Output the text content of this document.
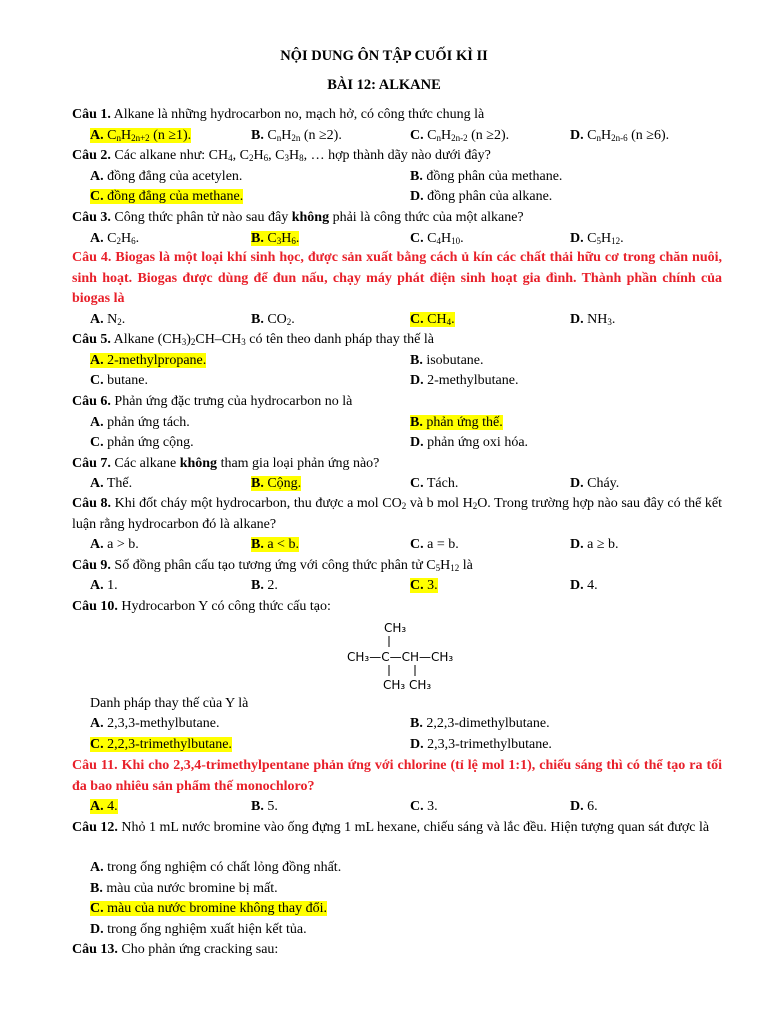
NỘI DUNG ÔN TẬP CUỐI KÌ II
BÀI 12: ALKANE

Câu 1. Alkane là những hydrocarbon no, mạch hở, có công thức chung là

A. $C_nH_{2n+2}$ (n ≥1).	B. $C_nH_{2n}$ (n ≥2).	C. $C_nH_{2n-2}$ (n ≥2).	D. $C_nH_{2n-6}$ (n ≥6).

Câu 2. Các alkane như: $CH_4$, $C_2H_6$, $C_3H_8$, … hợp thành dãy nào dưới đây?

A. đồng đẳng của acetylen.	B. đồng phân của methane.
C. đồng đẳng của methane.	D. đồng phân của alkane.

Câu 3. Công thức phân tử nào sau đây không phải là công thức của một alkane?

A. $C_2H_6$.	B. $C_3H_6$.	C. $C_4H_{10}$.	D. $C_5H_{12}$.

Câu 4. Biogas là một loại khí sinh học, được sản xuất bằng cách ủ kín các chất thải hữu cơ trong chăn nuôi, sinh hoạt. Biogas được dùng để đun nấu, chạy máy phát điện sinh hoạt gia đình. Thành phần chính của biogas là

A. $N_2$.	B. $CO_2$.	C. $CH_4$.	D. $NH_3$.

Câu 5. Alkane $(CH_3)_2CH-CH_3$ có tên theo danh pháp thay thế là

A. 2-methylpropane.	B. isobutane.
C. butane.	D. 2-methylbutane.

Câu 6. Phản ứng đặc trưng của hydrocarbon no là

A. phản ứng tách.	B. phản ứng thế.
C. phản ứng cộng.	D. phản ứng oxi hóa.

Câu 7. Các alkane không tham gia loại phản ứng nào?

A. Thế.	B. Cộng.	C. Tách.	D. Cháy.

Câu 8. Khi đốt cháy một hydrocarbon, thu được a mol $CO_2$ và b mol $H_2O$. Trong trường hợp nào sau đây có thể kết luận rằng hydrocarbon đó là alkane?

A. a > b.	B. a < b.	C. a = b.	D. a ≥ b.

Câu 9. Số đồng phân cấu tạo tương ứng với công thức phân tử $C_5H_{12}$ là

A. 1.	B. 2.	C. 3.	D. 4.

Câu 10. Hydrocarbon Y có công thức cấu tạo:

CH₃
CH₃—C—CH—CH₃
CH₃ CH₃

Danh pháp thay thế của Y là

A. 2,3,3-methylbutane.	B. 2,2,3-dimethylbutane.
C. 2,2,3-trimethylbutane.	D. 2,3,3-trimethylbutane.

Câu 11. Khi cho 2,3,4-trimethylpentane phản ứng với chlorine (tỉ lệ mol 1:1), chiếu sáng thì có thể tạo ra tối đa bao nhiêu sản phẩm thế monochloro?

A. 4.	B. 5.	C. 3.	D. 6.

Câu 12. Nhỏ 1 mL nước bromine vào ống đựng 1 mL hexane, chiếu sáng và lắc đều. Hiện tượng quan sát được là

A. trong ống nghiệm có chất lỏng đồng nhất.
B. màu của nước bromine bị mất.
C. màu của nước bromine không thay đổi.
D. trong ống nghiệm xuất hiện kết tủa.

Câu 13. Cho phản ứng cracking sau:
